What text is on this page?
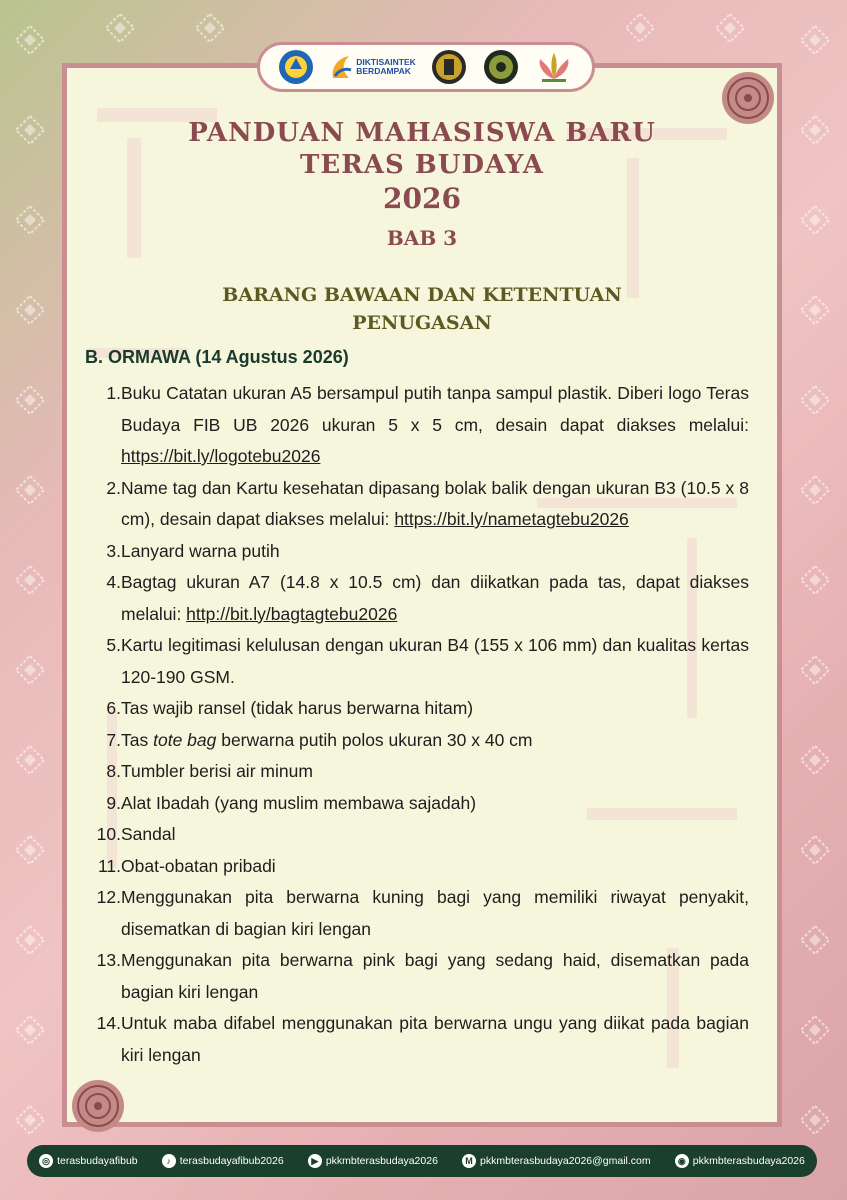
DIKTISAINTEK
BERDAMPAK
PANDUAN MAHASISWA BARU
TERAS BUDAYA
2026
BAB 3
BARANG BAWAAN DAN KETENTUAN
PENUGASAN
B. ORMAWA (14 Agustus 2026)
1. Buku Catatan ukuran A5 bersampul putih tanpa sampul plastik. Diberi logo Teras Budaya FIB UB 2026 ukuran 5 x 5 cm, desain dapat diakses melalui: https://bit.ly/logotebu2026
2. Name tag dan Kartu kesehatan dipasang bolak balik dengan ukuran B3 (10.5 x 8 cm), desain dapat diakses melalui: https://bit.ly/nametagtebu2026
3. Lanyard warna putih
4. Bagtag ukuran A7 (14.8 x 10.5 cm) dan diikatkan pada tas, dapat diakses melalui: http://bit.ly/bagtagtebu2026
5. Kartu legitimasi kelulusan dengan ukuran B4 (155 x 106 mm) dan kualitas kertas 120-190 GSM.
6. Tas wajib ransel (tidak harus berwarna hitam)
7. Tas tote bag berwarna putih polos ukuran 30 x 40 cm
8. Tumbler berisi air minum
9. Alat Ibadah (yang muslim membawa sajadah)
10. Sandal
11. Obat-obatan pribadi
12. Menggunakan pita berwarna kuning bagi yang memiliki riwayat penyakit, disematkan di bagian kiri lengan
13. Menggunakan pita berwarna pink bagi yang sedang haid, disematkan pada bagian kiri lengan
14. Untuk maba difabel menggunakan pita berwarna ungu yang diikat pada bagian kiri lengan
◎ terasbudayafibub	♪ terasbudayafibub2026	▶ pkkmbterasbudaya2026	M pkkmbterasbudaya2026@gmail.com	◉ pkkmbterasbudaya2026
